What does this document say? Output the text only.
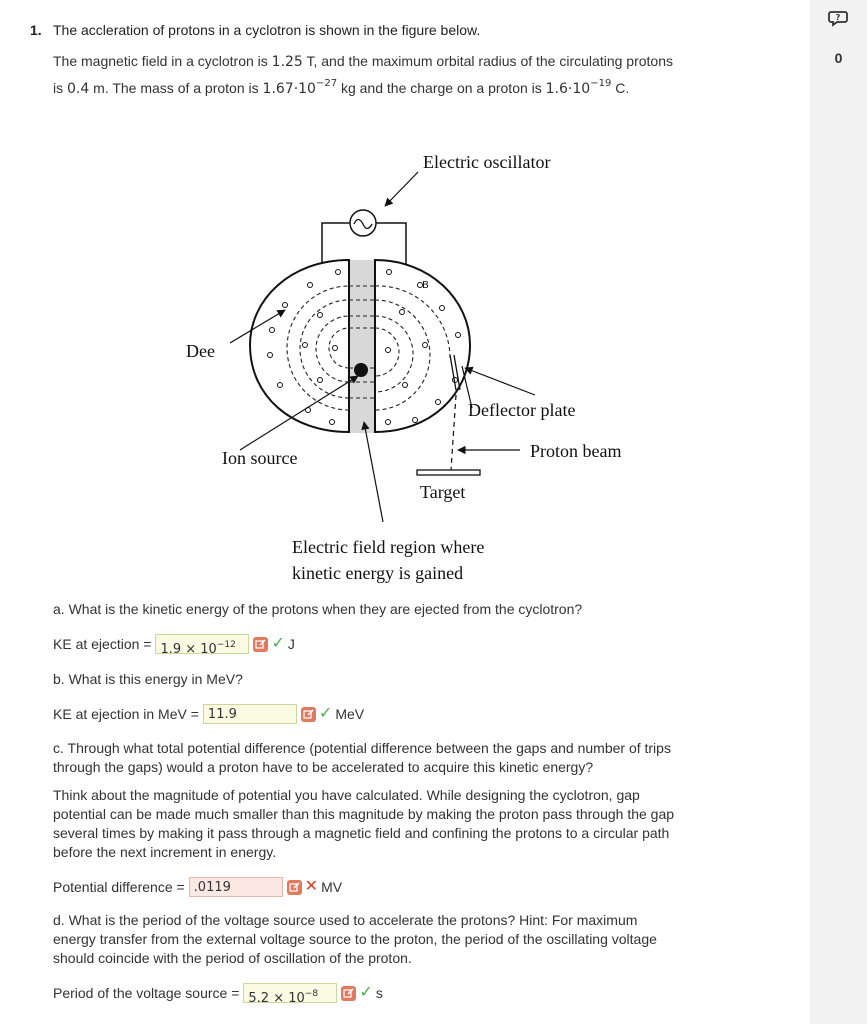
?
0
1. The accleration of protons in a cyclotron is shown in the figure below.
The magnetic field in a cyclotron is 1.25 T, and the maximum orbital radius of the circulating protons
is 0.4 m. The mass of a proton is $1.67\cdot 10^{-27}$ kg and the charge on a proton is $1.6\cdot 10^{-19}$ C.
B
Electric oscillator
Dee
Deflector plate
Ion source	Proton beam
Target
Electric field region where
kinetic energy is gained
a. What is the kinetic energy of the protons when they are ejected from the cyclotron?
KE at ejection = $1.9 \times 10^{-12}$	✓ J
b. What is this energy in MeV?
KE at ejection in MeV = 11.9	✓ MeV
c. Through what total potential difference (potential difference between the gaps and number of trips
through the gaps) would a proton have to be accelerated to acquire this kinetic energy?
Think about the magnitude of potential you have calculated. While designing the cyclotron, gap
potential can be made much smaller than this magnitude by making the proton pass through the gap
several times by making it pass through a magnetic field and confining the protons to a circular path
before the next increment in energy.
Potential difference = .0119	✕ MV
d. What is the period of the voltage source used to accelerate the protons? Hint: For maximum
energy transfer from the external voltage source to the proton, the period of the oscillating voltage
should coincide with the period of oscillation of the proton.
Period of the voltage source = $5.2 \times 10^{-8}$	✓ s
